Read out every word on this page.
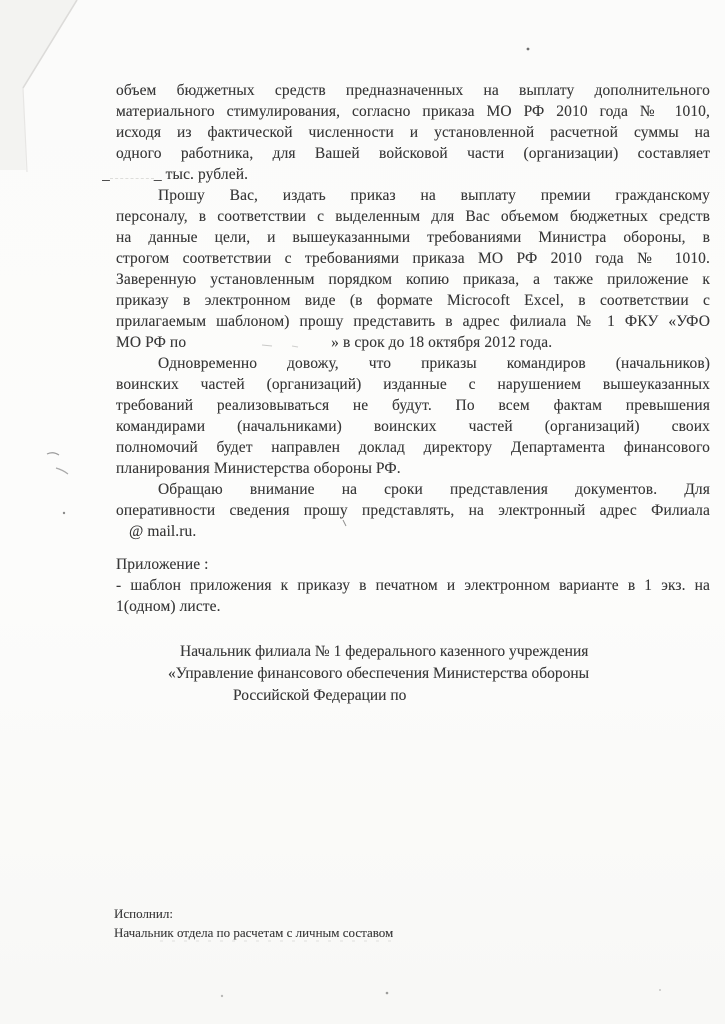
объем бюджетных средств предназначенных на выплату дополнительного
материального стимулирования, согласно приказа МО РФ 2010 года № 1010,
исходя из фактической численности и установленной расчетной суммы на
одного работника, для Вашей войсковой части (организации) составляет
_	_ тыс. рублей.
Прошу Вас, издать приказ на выплату премии гражданскому
персоналу, в соответствии с выделенным для Вас объемом бюджетных средств
на данные цели, и вышеуказанными требованиями Министра обороны, в
строгом соответствии с требованиями приказа МО РФ 2010 года № 1010.
Заверенную установленным порядком копию приказа, а также приложение к
приказу в электронном виде (в формате Microcoft Excel, в соответствии с
прилагаемым шаблоном) прошу представить в адрес филиала № 1 ФКУ «УФО
МО РФ по	» в срок до 18 октября 2012 года.
Одновременно довожу, что приказы командиров (начальников)
воинских частей (организаций) изданные с нарушением вышеуказанных
требований реализовываться не будут. По всем фактам превышения
командирами (начальниками) воинских частей (организаций) своих
полномочий будет направлен доклад директору Департамента финансового
планирования Министерства обороны РФ.
Обращаю внимание на сроки представления документов. Для
оперативности сведения прошу представлять, на электронный адрес Филиала
@ mail.ru.
Приложение :
- шаблон приложения к приказу в печатном и электронном варианте в 1 экз. на
1(одном) листе.
Начальник филиала № 1 федерального казенного учреждения
«Управление финансового обеспечения Министерства обороны
Российской Федерации по
Исполнил:
Начальник отдела по расчетам с личным составом
